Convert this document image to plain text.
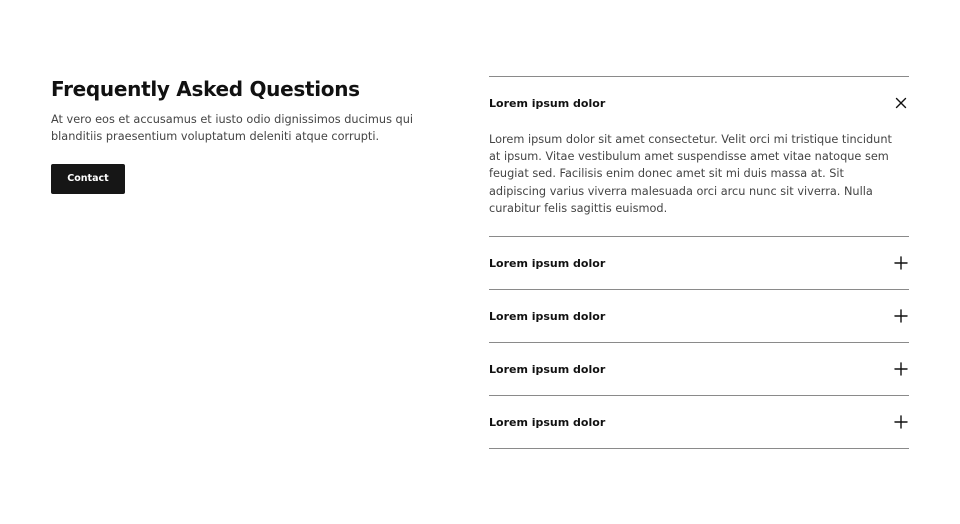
Frequently Asked Questions

At vero eos et accusamus et iusto odio dignissimos ducimus qui blanditiis praesentium voluptatum deleniti atque corrupti.

Contact
Lorem ipsum dolor
Lorem ipsum dolor sit amet consectetur. Velit orci mi tristique tincidunt at ipsum. Vitae vestibulum amet suspendisse amet vitae natoque sem feugiat sed. Facilisis enim donec amet sit mi duis massa at. Sit adipiscing varius viverra malesuada orci arcu nunc sit viverra. Nulla curabitur felis sagittis euismod.
Lorem ipsum dolor
Lorem ipsum dolor
Lorem ipsum dolor
Lorem ipsum dolor
